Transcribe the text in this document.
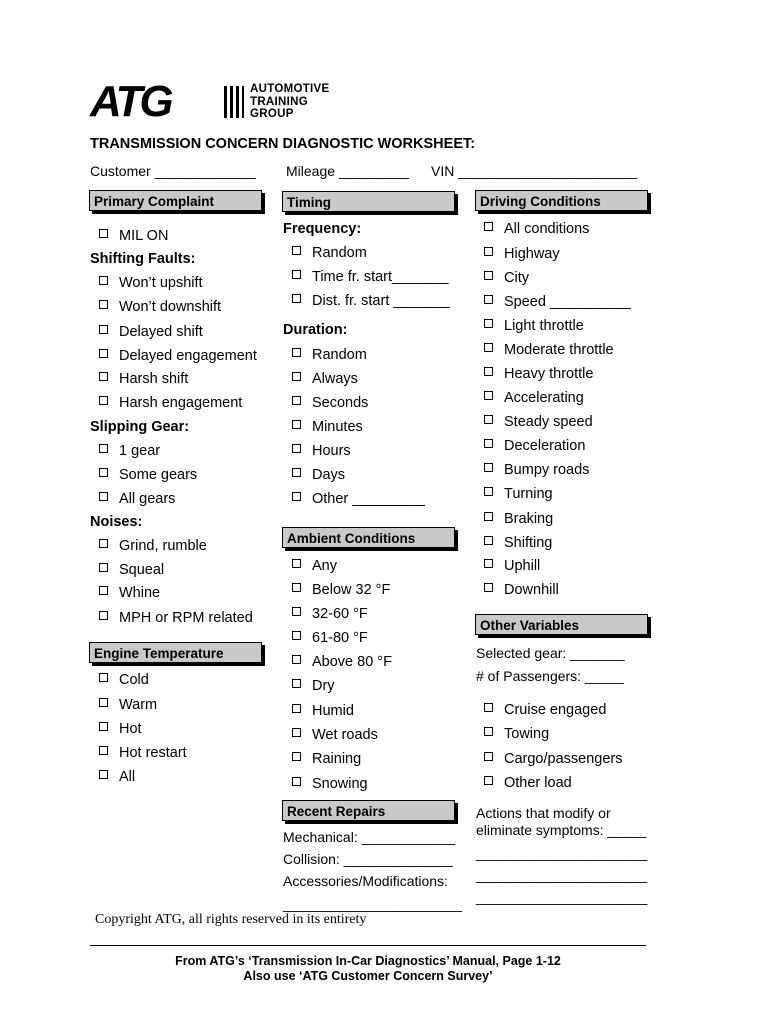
ATG	AUTOMOTIVE
TRAINING
GROUP
TRANSMISSION CONCERN DIAGNOSTIC WORKSHEET:
Customer _____________ Mileage _________ VIN _______________________
Primary Complaint
MIL ON
Shifting Faults:
Won’t upshift
Won’t downshift
Delayed shift
Delayed engagement
Harsh shift
Harsh engagement
Slipping Gear:
1 gear
Some gears
All gears
Noises:
Grind, rumble
Squeal
Whine
MPH or RPM related
Engine Temperature
Cold
Warm
Hot
Hot restart
All
Timing
Frequency:
Random
Time fr. start_______
Dist. fr. start _______
Duration:
Random
Always
Seconds
Minutes
Hours
Days
Other _________
Ambient Conditions
Any
Below 32 °F
32-60 °F
61-80 °F
Above 80 °F
Dry
Humid
Wet roads
Raining
Snowing
Recent Repairs
Mechanical: ____________
Collision: ______________
Accessories/Modifications:
_______________________
Driving Conditions
All conditions
Highway
City
Speed __________
Light throttle
Moderate throttle
Heavy throttle
Accelerating
Steady speed
Deceleration
Bumpy roads
Turning
Braking
Shifting
Uphill
Downhill
Other Variables
Selected gear: _______
# of Passengers: _____
Cruise engaged
Towing
Cargo/passengers
Other load
Actions that modify or
eliminate symptoms: _____
______________________
______________________
______________________
Copyright ATG, all rights reserved in its entirety
From ATG’s ‘Transmission In-Car Diagnostics’ Manual, Page 1-12
Also use ‘ATG Customer Concern Survey’
